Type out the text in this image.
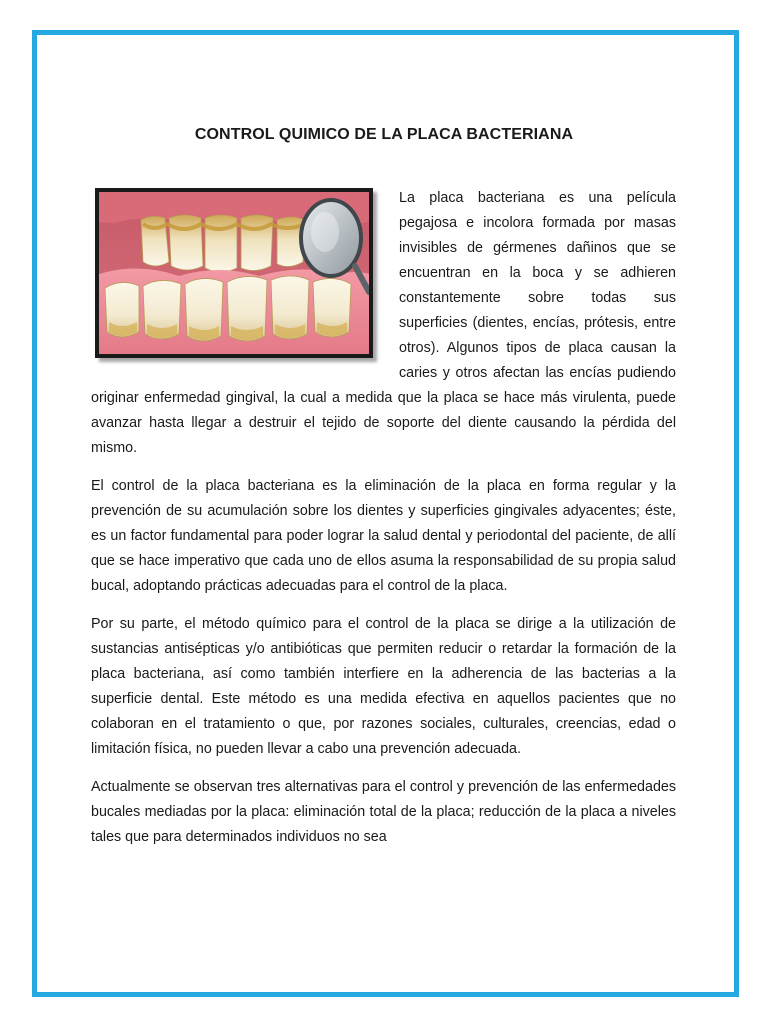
CONTROL QUIMICO DE LA PLACA BACTERIANA

La placa bacteriana es una película pegajosa e incolora formada por masas invisibles de gérmenes dañinos que se encuentran en la boca y se adhieren constantemente sobre todas sus superficies (dientes, encías, prótesis, entre otros). Algunos tipos de placa causan la caries y otros afectan las encías pudiendo originar enfermedad gingival, la cual a medida que la placa se hace más virulenta, puede avanzar hasta llegar a destruir el tejido de soporte del diente causando la pérdida del mismo.

El control de la placa bacteriana es la eliminación de la placa en forma regular y la prevención de su acumulación sobre los dientes y superficies gingivales adyacentes; éste, es un factor fundamental para poder lograr la salud dental y periodontal del paciente, de allí que se hace imperativo que cada uno de ellos asuma la responsabilidad de su propia salud bucal, adoptando prácticas adecuadas para el control de la placa.

Por su parte, el método químico para el control de la placa se dirige a la utilización de sustancias antisépticas y/o antibióticas que permiten reducir o retardar la formación de la placa bacteriana, así como también interfiere en la adherencia de las bacterias a la superficie dental. Este método es una medida efectiva en aquellos pacientes que no colaboran en el tratamiento o que, por razones sociales, culturales, creencias, edad o limitación física, no pueden llevar a cabo una prevención adecuada.

Actualmente se observan tres alternativas para el control y prevención de las enfermedades bucales mediadas por la placa: eliminación total de la placa; reducción de la placa a niveles tales que para determinados individuos no sea
